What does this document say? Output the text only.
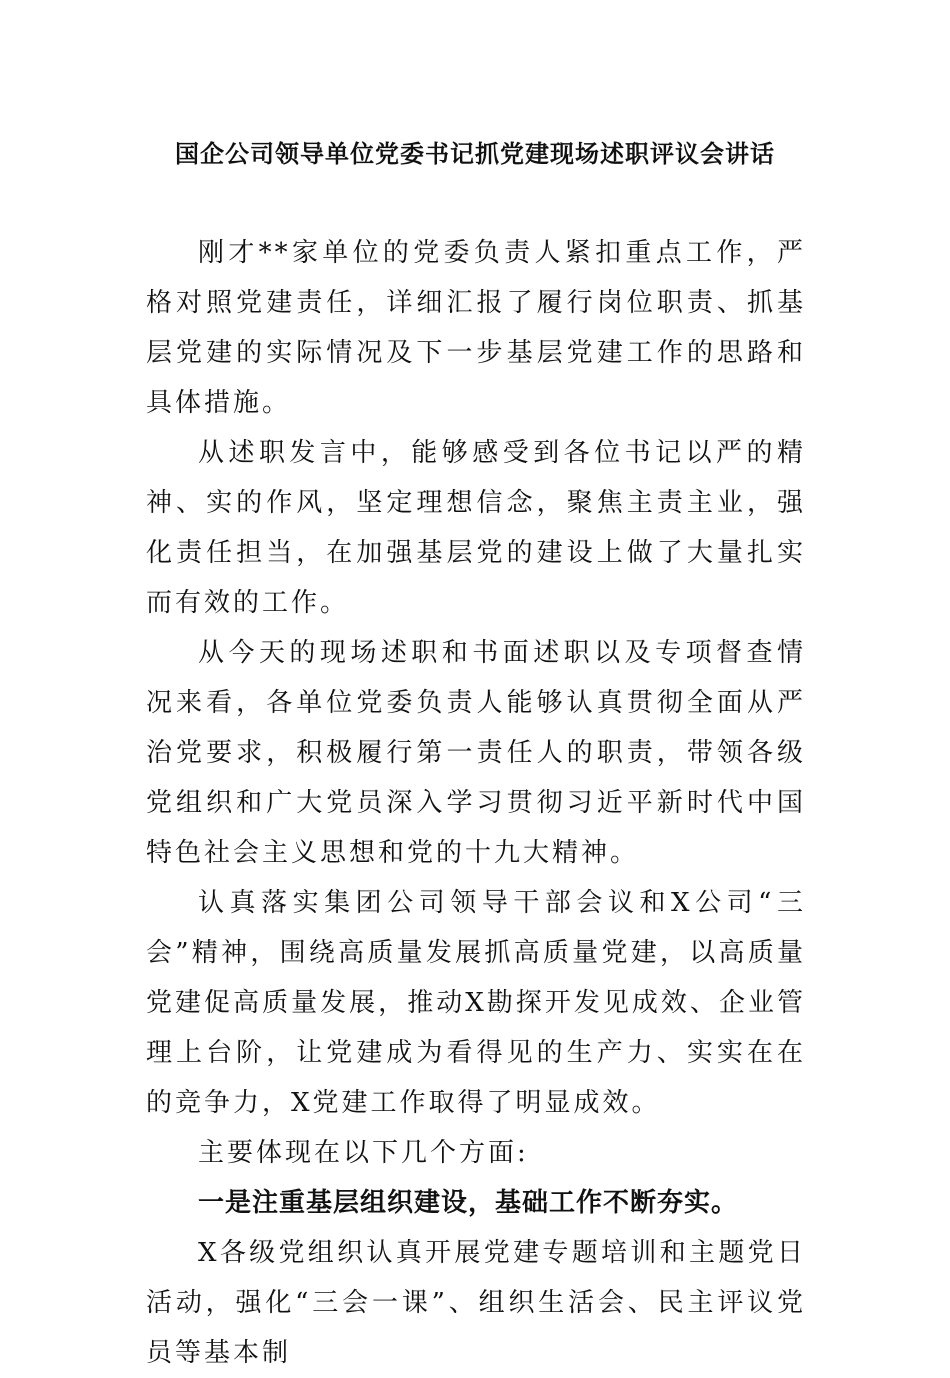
国企公司领导单位党委书记抓党建现场述职评议会讲话

刚才**家单位的党委负责人紧扣重点工作，严格对照党建责任，详细汇报了履行岗位职责、抓基层党建的实际情况及下一步基层党建工作的思路和具体措施。

从述职发言中，能够感受到各位书记以严的精神、实的作风，坚定理想信念，聚焦主责主业，强化责任担当，在加强基层党的建设上做了大量扎实而有效的工作。

从今天的现场述职和书面述职以及专项督查情况来看，各单位党委负责人能够认真贯彻全面从严治党要求，积极履行第一责任人的职责，带领各级党组织和广大党员深入学习贯彻习近平新时代中国特色社会主义思想和党的十九大精神。

认真落实集团公司领导干部会议和X公司“三会”精神，围绕高质量发展抓高质量党建，以高质量党建促高质量发展，推动X勘探开发见成效、企业管理上台阶，让党建成为看得见的生产力、实实在在的竞争力，X党建工作取得了明显成效。

主要体现在以下几个方面:

一是注重基层组织建设，基础工作不断夯实。

X各级党组织认真开展党建专题培训和主题党日活动，强化“三会一课”、组织生活会、民主评议党员等基本制
